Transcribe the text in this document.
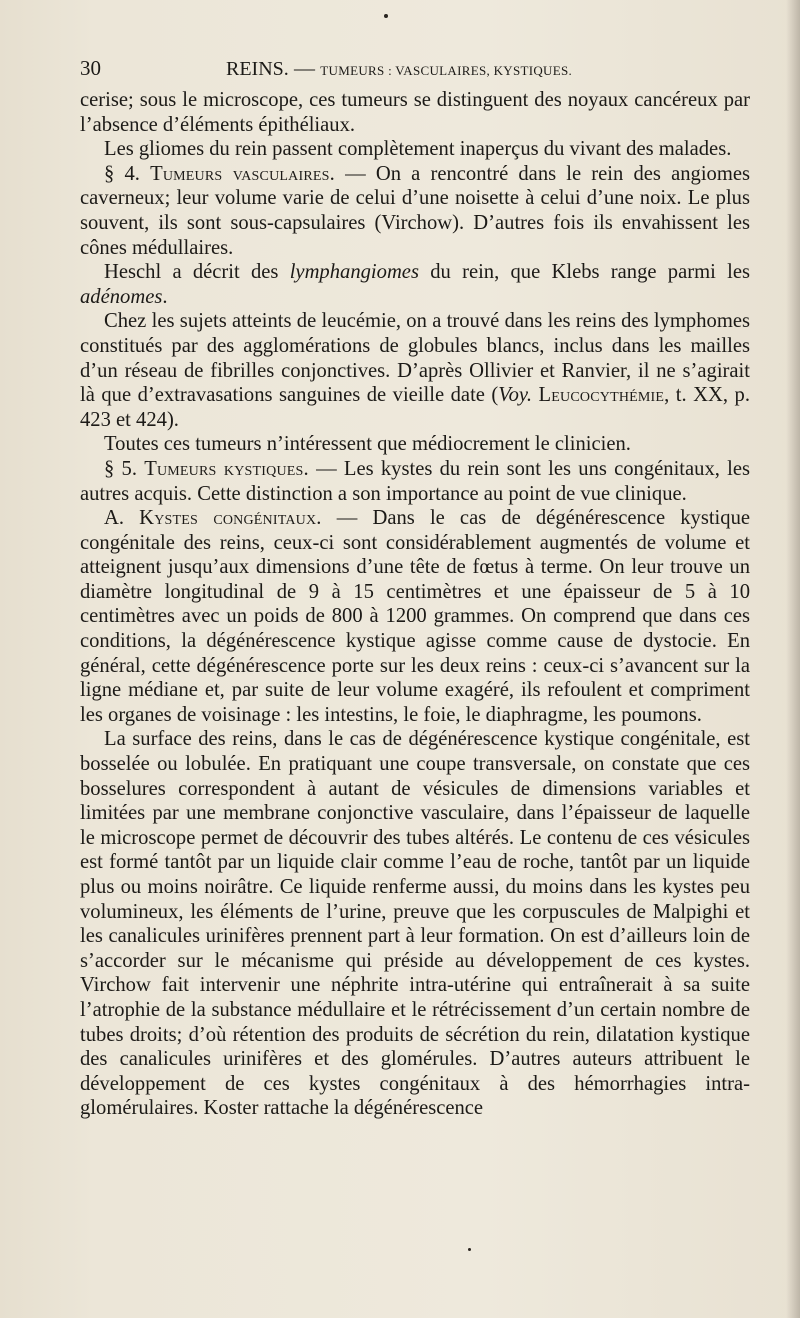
30	REINS. — TUMEURS : VASCULAIRES, KYSTIQUES.

cerise; sous le microscope, ces tumeurs se distinguent des noyaux cancéreux par l’absence d’éléments épithéliaux.

Les gliomes du rein passent complètement inaperçus du vivant des malades.

§ 4. Tumeurs vasculaires. — On a rencontré dans le rein des angiomes caverneux; leur volume varie de celui d’une noisette à celui d’une noix. Le plus souvent, ils sont sous-capsulaires (Virchow). D’autres fois ils envahissent les cônes médullaires.

Heschl a décrit des lymphangiomes du rein, que Klebs range parmi les adénomes.

Chez les sujets atteints de leucémie, on a trouvé dans les reins des lymphomes constitués par des agglomérations de globules blancs, inclus dans les mailles d’un réseau de fibrilles conjonctives. D’après Ollivier et Ranvier, il ne s’agirait là que d’extravasations sanguines de vieille date (Voy. Leucocythémie, t. XX, p. 423 et 424).

Toutes ces tumeurs n’intéressent que médiocrement le clinicien.

§ 5. Tumeurs kystiques. — Les kystes du rein sont les uns congénitaux, les autres acquis. Cette distinction a son importance au point de vue clinique.

A. Kystes congénitaux. — Dans le cas de dégénérescence kystique congénitale des reins, ceux-ci sont considérablement augmentés de volume et atteignent jusqu’aux dimensions d’une tête de fœtus à terme. On leur trouve un diamètre longitudinal de 9 à 15 centimètres et une épaisseur de 5 à 10 centimètres avec un poids de 800 à 1200 grammes. On comprend que dans ces conditions, la dégénérescence kystique agisse comme cause de dystocie. En général, cette dégénérescence porte sur les deux reins : ceux-ci s’avancent sur la ligne médiane et, par suite de leur volume exagéré, ils refoulent et compriment les organes de voisinage : les intestins, le foie, le diaphragme, les poumons.

La surface des reins, dans le cas de dégénérescence kystique congénitale, est bosselée ou lobulée. En pratiquant une coupe transversale, on constate que ces bosselures correspondent à autant de vésicules de dimensions variables et limitées par une membrane conjonctive vasculaire, dans l’épaisseur de laquelle le microscope permet de découvrir des tubes altérés. Le contenu de ces vésicules est formé tantôt par un liquide clair comme l’eau de roche, tantôt par un liquide plus ou moins noirâtre. Ce liquide renferme aussi, du moins dans les kystes peu volumineux, les éléments de l’urine, preuve que les corpuscules de Malpighi et les canalicules urinifères prennent part à leur formation. On est d’ailleurs loin de s’accorder sur le mécanisme qui préside au développement de ces kystes. Virchow fait intervenir une néphrite intra-utérine qui entraînerait à sa suite l’atrophie de la substance médullaire et le rétrécissement d’un certain nombre de tubes droits; d’où rétention des produits de sécrétion du rein, dilatation kystique des canalicules urinifères et des glomérules. D’autres auteurs attribuent le développement de ces kystes congénitaux à des hémorrhagies intra-glomérulaires. Koster rattache la dégénérescence
